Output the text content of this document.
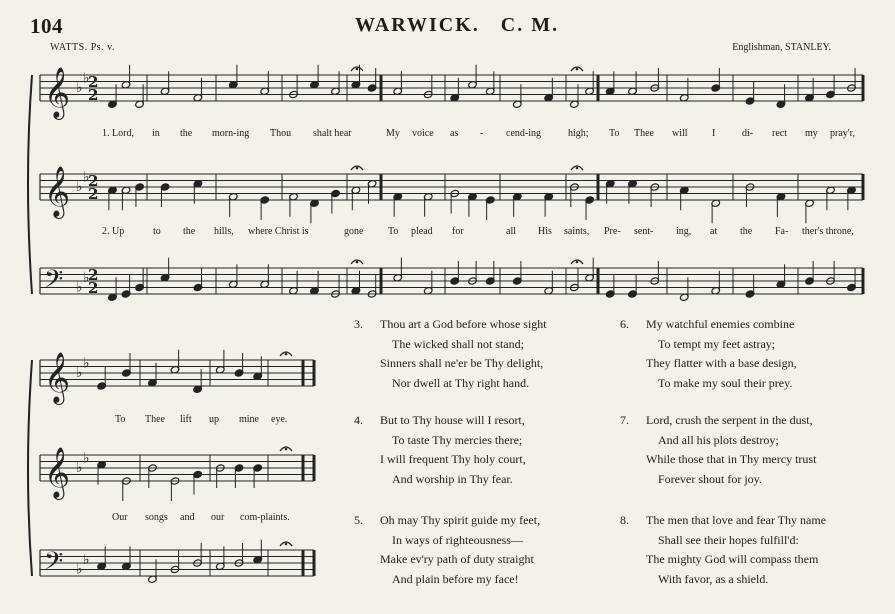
104	WARWICK. C. M.
WATTS. Ps. v.	Englishman, STANLEY.
𝄞 ♭
♭
2
2
𝄞 ♭
♭
2
2
𝄢 ♭
♭
2
2
𝄞 ♭
♭
𝄞 ♭
♭
𝄢 ♭
♭
1. Lord, in the morn-ing Thou shalt hear	My voice as - cend-ing	high; To Thee will I	di- rect my pray'r,
2. Up	to the hills, where Christ is	gone To plead for	all His saints, Pre- sent- ing, at the Fa- ther's throne,
To Thee lift up mine eye.
Our songs and our com-plaints.
3. Thou art a God before whose sight
The wicked shall not stand;
Sinners shall ne'er be Thy delight,
Nor dwell at Thy right hand.
4. But to Thy house will I resort,
To taste Thy mercies there;
I will frequent Thy holy court,
And worship in Thy fear.
5. Oh may Thy spirit guide my feet,
In ways of righteousness—
Make ev'ry path of duty straight
And plain before my face!
6. My watchful enemies combine
To tempt my feet astray;
They flatter with a base design,
To make my soul their prey.
7. Lord, crush the serpent in the dust,
And all his plots destroy;
While those that in Thy mercy trust
Forever shout for joy.
8. The men that love and fear Thy name
Shall see their hopes fulfill'd:
The mighty God will compass them
With favor, as a shield.
